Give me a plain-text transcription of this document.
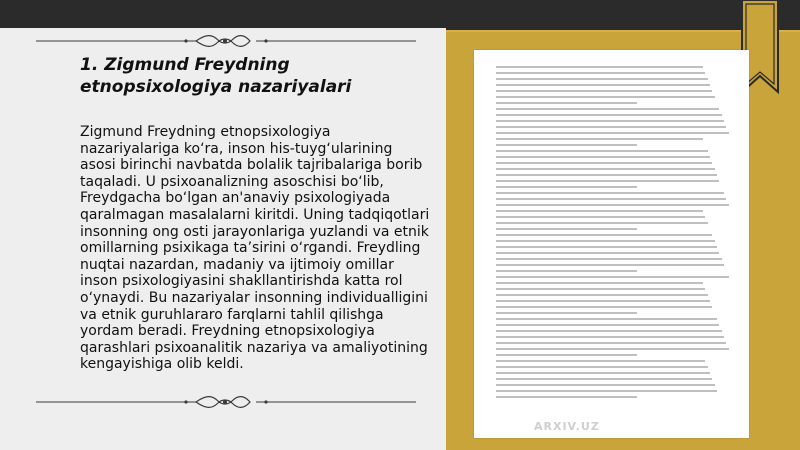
1. Zigmund Freydning etnopsixologiya nazariyalari
Zigmund Freydning etnopsixologiya nazariyalariga ko‘ra, inson his-tuyg‘ularining asosi birinchi navbatda bolalik tajribalariga borib taqaladi. U psixoanalizning asoschisi bo‘lib, Freydgacha bo‘lgan an'anaviy psixologiyada qaralmagan masalalarni kiritdi. Uning tadqiqotlari insonning ong osti jarayonlariga yuzlandi va etnik omillarning psixikaga ta’sirini o‘rgandi. Freydling nuqtai nazardan, madaniy va ijtimoiy omillar inson psixologiyasini shakllantirishda katta rol o‘ynaydi. Bu nazariyalar insonning individualligini va etnik guruhlararo farqlarni tahlil qilishga yordam beradi. Freydning etnopsixologiya qarashlari psixoanalitik nazariya va amaliyotining kengayishiga olib keldi.
ARXIV.UZ
